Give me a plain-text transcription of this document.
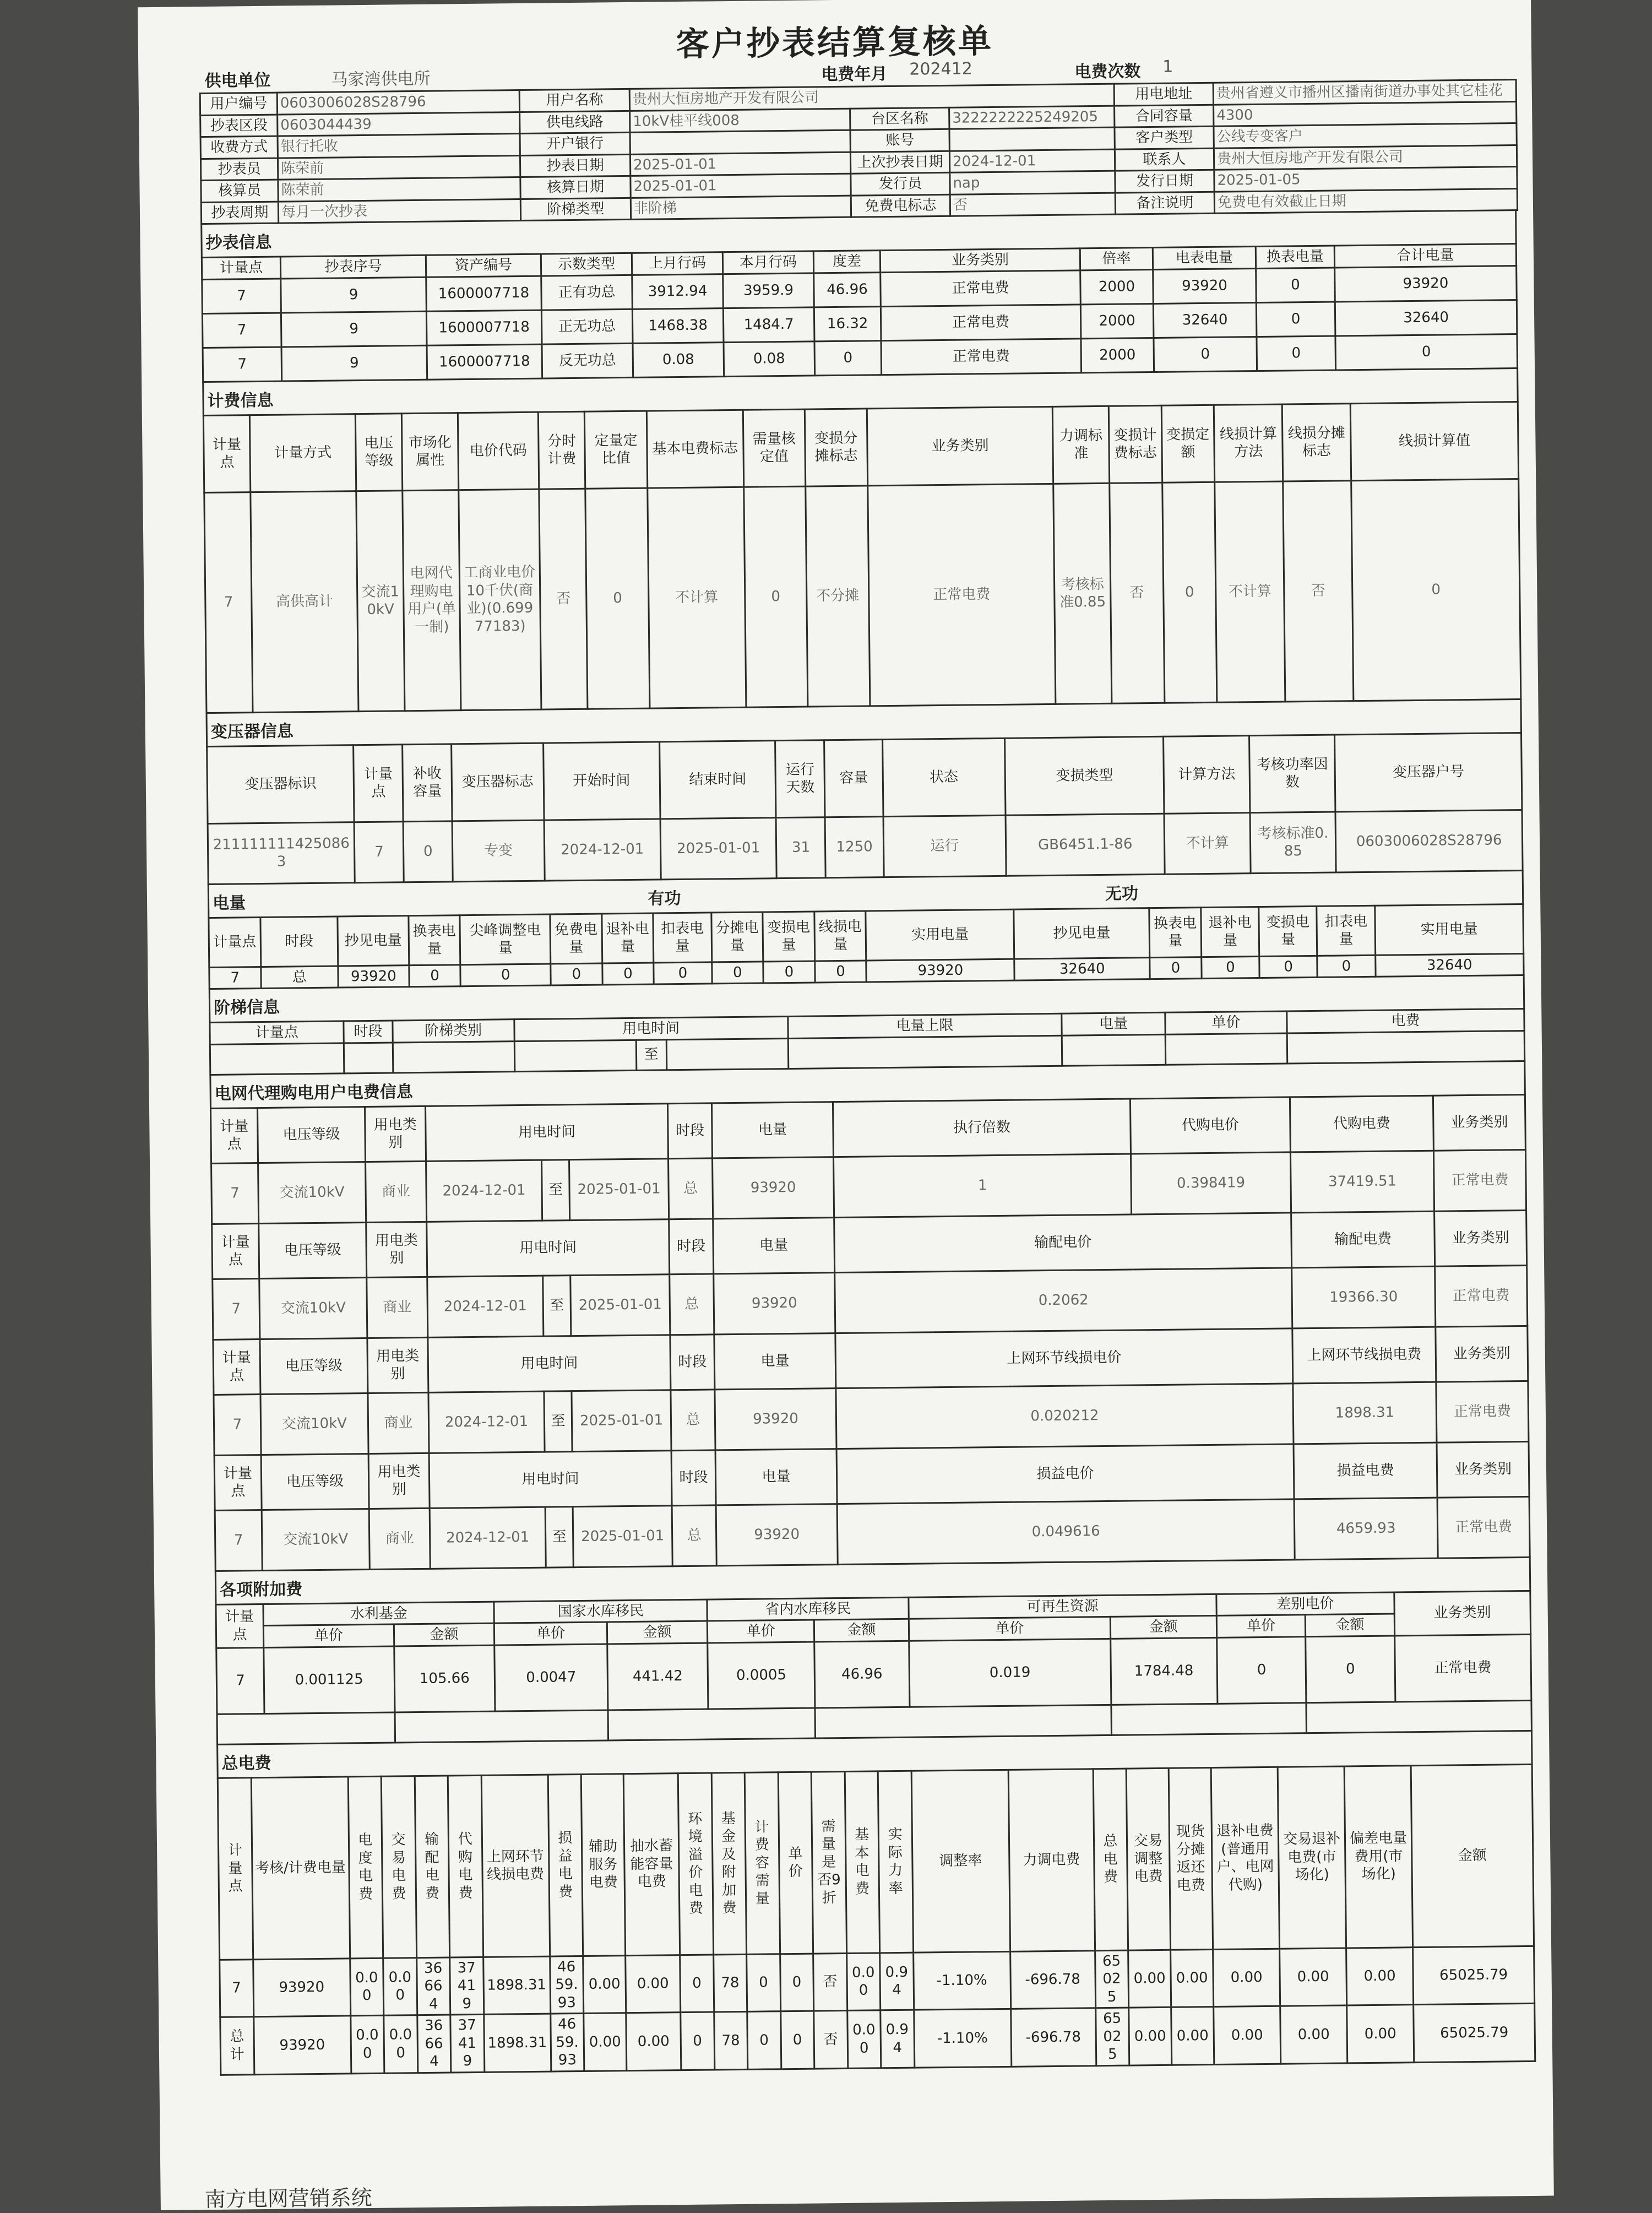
客户抄表结算复核单
供电单位	马家湾供电所	电费年月 202412	电费次数 1
用户编号	0603006028S28796	用户名称	贵州大恒房地产开发有限公司			用电地址	贵州省遵义市播州区播南街道办事处其它桂花
抄表区段	0603044439	供电线路	10kV桂平线008	台区名称	3222222225249205	合同容量	4300
收费方式	银行托收	开户银行		账号		客户类型	公线专变客户
抄表员	陈荣前	抄表日期	2025-01-01	上次抄表日期	2024-12-01	联系人	贵州大恒房地产开发有限公司
核算员	陈荣前	核算日期	2025-01-01	发行员	nap	发行日期	2025-01-05
抄表周期	每月一次抄表	阶梯类型	非阶梯	免费电标志	否	备注说明	免费电有效截止日期
抄表信息
计量点	抄表序号	资产编号	示数类型	上月行码	本月行码	度差	业务类别	倍率	电表电量	换表电量	合计电量
7	9	1600007718	正有功总	3912.94	3959.9	46.96	正常电费	2000	93920	0	93920
7	9	1600007718	正无功总	1468.38	1484.7	16.32	正常电费	2000	32640	0	32640
7	9	1600007718	反无功总	0.08	0.08	0	正常电费	2000	0	0	0
计费信息
计量点	计量方式	电压等级	市场化属性	电价代码	分时计费	定量定比值	基本电费标志	需量核定值	变损分摊标志	业务类别	力调标准	变损计费标志	变损定额	线损计算方法	线损分摊标志	线损计算值
7	高供高计	交流10kV	电网代理购电用户(单一制)	工商业电价10千伏(商业)(0.69977183)	否	0	不计算	0	不分摊	正常电费	考核标准0.85	否	0	不计算	否	0
变压器信息
变压器标识	计量点	补收容量	变压器标志	开始时间	结束时间	运行天数	容量	状态	变损类型	计算方法	考核功率因数	变压器户号
2111111114250863	7	0	专变	2024-12-01	2025-01-01	31	1250	运行	GB6451.1-86	不计算	考核标准0.85	0603006028S28796
电量	有功	无功
计量点	时段	抄见电量	换表电量	尖峰调整电量	免费电量	退补电量	扣表电量	分摊电量	变损电量	线损电量	实用电量	抄见电量	换表电量	退补电量	变损电量	扣表电量	实用电量
7	总	93920	0	0	0	0	0	0	0	0	93920	32640	0	0	0	0	32640
阶梯信息
计量点	时段	阶梯类别	用电时间			电量上限	电量	单价	电费
				至					
电网代理购电用户电费信息
计量点	电压等级	用电类别	用电时间			时段	电量	执行倍数	代购电价	代购电费	业务类别
7	交流10kV	商业	2024-12-01	至	2025-01-01	总	93920	1	0.398419	37419.51	正常电费
计量点	电压等级	用电类别	用电时间			时段	电量	输配电价		输配电费	业务类别
7	交流10kV	商业	2024-12-01	至	2025-01-01	总	93920	0.2062		19366.30	正常电费
计量点	电压等级	用电类别	用电时间			时段	电量	上网环节线损电价		上网环节线损电费	业务类别
7	交流10kV	商业	2024-12-01	至	2025-01-01	总	93920	0.020212		1898.31	正常电费
计量点	电压等级	用电类别	用电时间			时段	电量	损益电价		损益电费	业务类别
7	交流10kV	商业	2024-12-01	至	2025-01-01	总	93920	0.049616		4659.93	正常电费
各项附加费
计量点	水利基金		国家水库移民		省内水库移民		可再生资源		差别电价		业务类别
	单价	金额	单价	金额	单价	金额	单价	金额	单价	金额	
7	0.001125	105.66	0.0047	441.42	0.0005	46.96	0.019	1784.48	0	0	正常电费

总电费
计量点	考核/计费电量	电度电费	交易电费	输配电费	代购电费	上网环节线损电费	损益电费	辅助服务电费	抽水蓄能容量电费	环境溢价电费	基金及附加费	计费容需量	单价	需量是否9折	基本电费	实际力率	调整率	力调电费	总电费	交易调整电费	现货分摊返还电费	退补电费(普通用户、电网代购)	交易退补电费(市场化)	偏差电量费用(市场化)	金额
7	93920	0.00	0.00	36664	37419	1898.31	4659.93	0.00	0.00	0	78	0	0	否	0.00	0.94	-1.10%	-696.78	65025	0.00	0.00	0.00	0.00	0.00	65025.79
总计	93920	0.00	0.00	36664	37419	1898.31	4659.93	0.00	0.00	0	78	0	0	否	0.00	0.94	-1.10%	-696.78	65025	0.00	0.00	0.00	0.00	0.00	65025.79
南方电网营销系统
